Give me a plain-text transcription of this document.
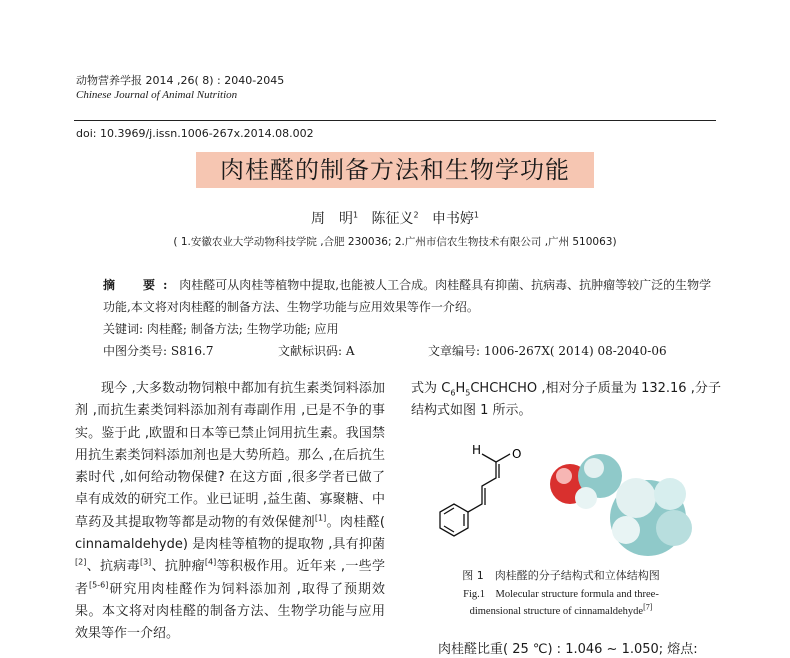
动物营养学报 2014 ,26( 8) : 2040-2045
Chinese Journal of Animal Nutrition
doi: 10.3969/j.issn.1006-267x.2014.08.002
肉桂醛的制备方法和生物学功能
周　明$^1$ 陈征义$^2$ 申书婷$^1$
( 1.安徽农业大学动物科技学院 ,合肥 230036; 2.广州市信农生物技术有限公司 ,广州 510063)
摘　要: 肉桂醛可从肉桂等植物中提取,也能被人工合成。肉桂醛具有抑菌、抗病毒、抗肿瘤等较广泛的生物学功能,本文将对肉桂醛的制备方法、生物学功能与应用效果等作一介绍。
关键词: 肉桂醛; 制备方法; 生物学功能; 应用
中图分类号: S816.7	文献标识码: A	文章编号: 1006-267X( 2014) 08-2040-06
现今 ,大多数动物饲粮中都加有抗生素类饲料添加剂 ,而抗生素类饲料添加剂有毒副作用 ,已是不争的事实。鉴于此 ,欧盟和日本等已禁止饲用抗生素。我国禁用抗生素类饲料添加剂也是大势所趋。那么 ,在后抗生素时代 ,如何给动物保健? 在这方面 ,很多学者已做了卓有成效的研究工作。业已证明 ,益生菌、寡聚糖、中草药及其提取物等都是动物的有效保健剂[1]。肉桂醛( cinnamaldehyde) 是肉桂等植物的提取物 ,具有抑菌[2]、抗病毒[3]、抗肿瘤[4]等积极作用。近年来 ,一些学者[5-6]研究用肉桂醛作为饲料添加剂 ,取得了预期效果。本文将对肉桂醛的制备方法、生物学功能与应用效果等作一介绍。
式为 $C_6H_5CHCHCHO$ ,相对分子质量为 132.16 ,分子结构式如图 1 所示。
O
H
图 1　肉桂醛的分子结构式和立体结构图
Fig.1　Molecular structure formula and three-
dimensional structure of cinnamaldehyde[7]
肉桂醛比重( 25 ℃) : 1.046 ~ 1.050; 熔点:
